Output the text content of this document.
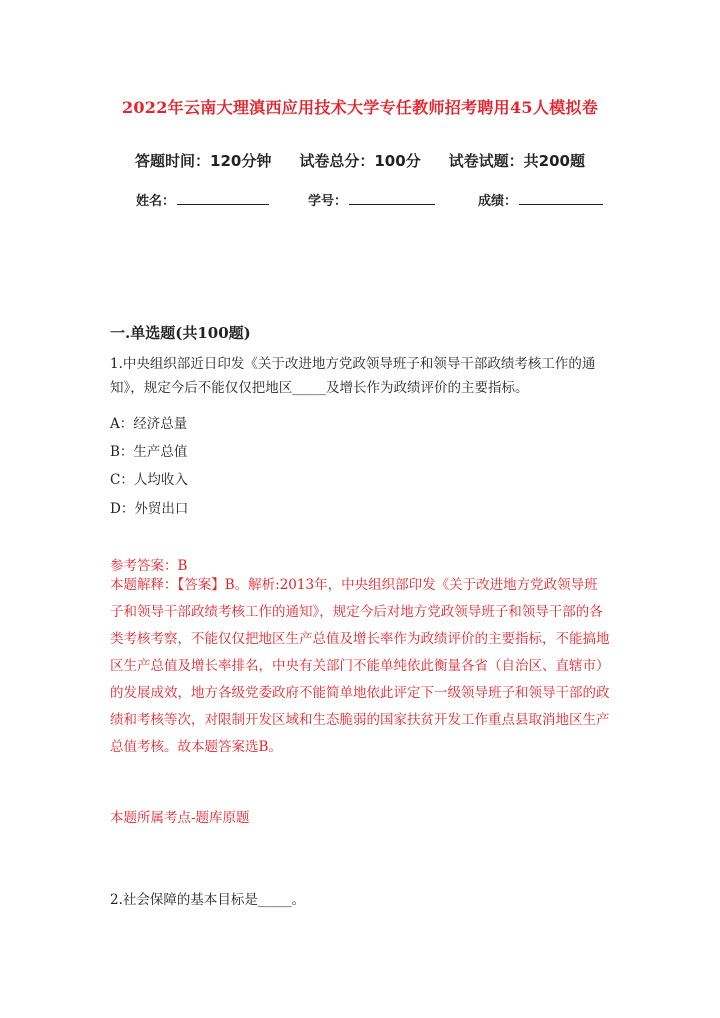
2022年云南大理滇西应用技术大学专任教师招考聘用45人模拟卷
答题时间：120分钟 试卷总分：100分 试卷试题：共200题
姓名：	学号：	成绩：
一.单选题(共100题)
1.中央组织部近日印发《关于改进地方党政领导班子和领导干部政绩考核工作的通知》，规定今后不能仅仅把地区_____及增长作为政绩评价的主要指标。
A：经济总量
B：生产总值
C：人均收入
D：外贸出口
参考答案：B
本题解释：【答案】B。解析:2013年，中央组织部印发《关于改进地方党政领导班子和领导干部政绩考核工作的通知》，规定今后对地方党政领导班子和领导干部的各类考核考察，不能仅仅把地区生产总值及增长率作为政绩评价的主要指标，不能搞地区生产总值及增长率排名，中央有关部门不能单纯依此衡量各省（自治区、直辖市）的发展成效，地方各级党委政府不能简单地依此评定下一级领导班子和领导干部的政绩和考核等次，对限制开发区域和生态脆弱的国家扶贫开发工作重点县取消地区生产总值考核。故本题答案选B。
本题所属考点-题库原题
2.社会保障的基本目标是_____。
